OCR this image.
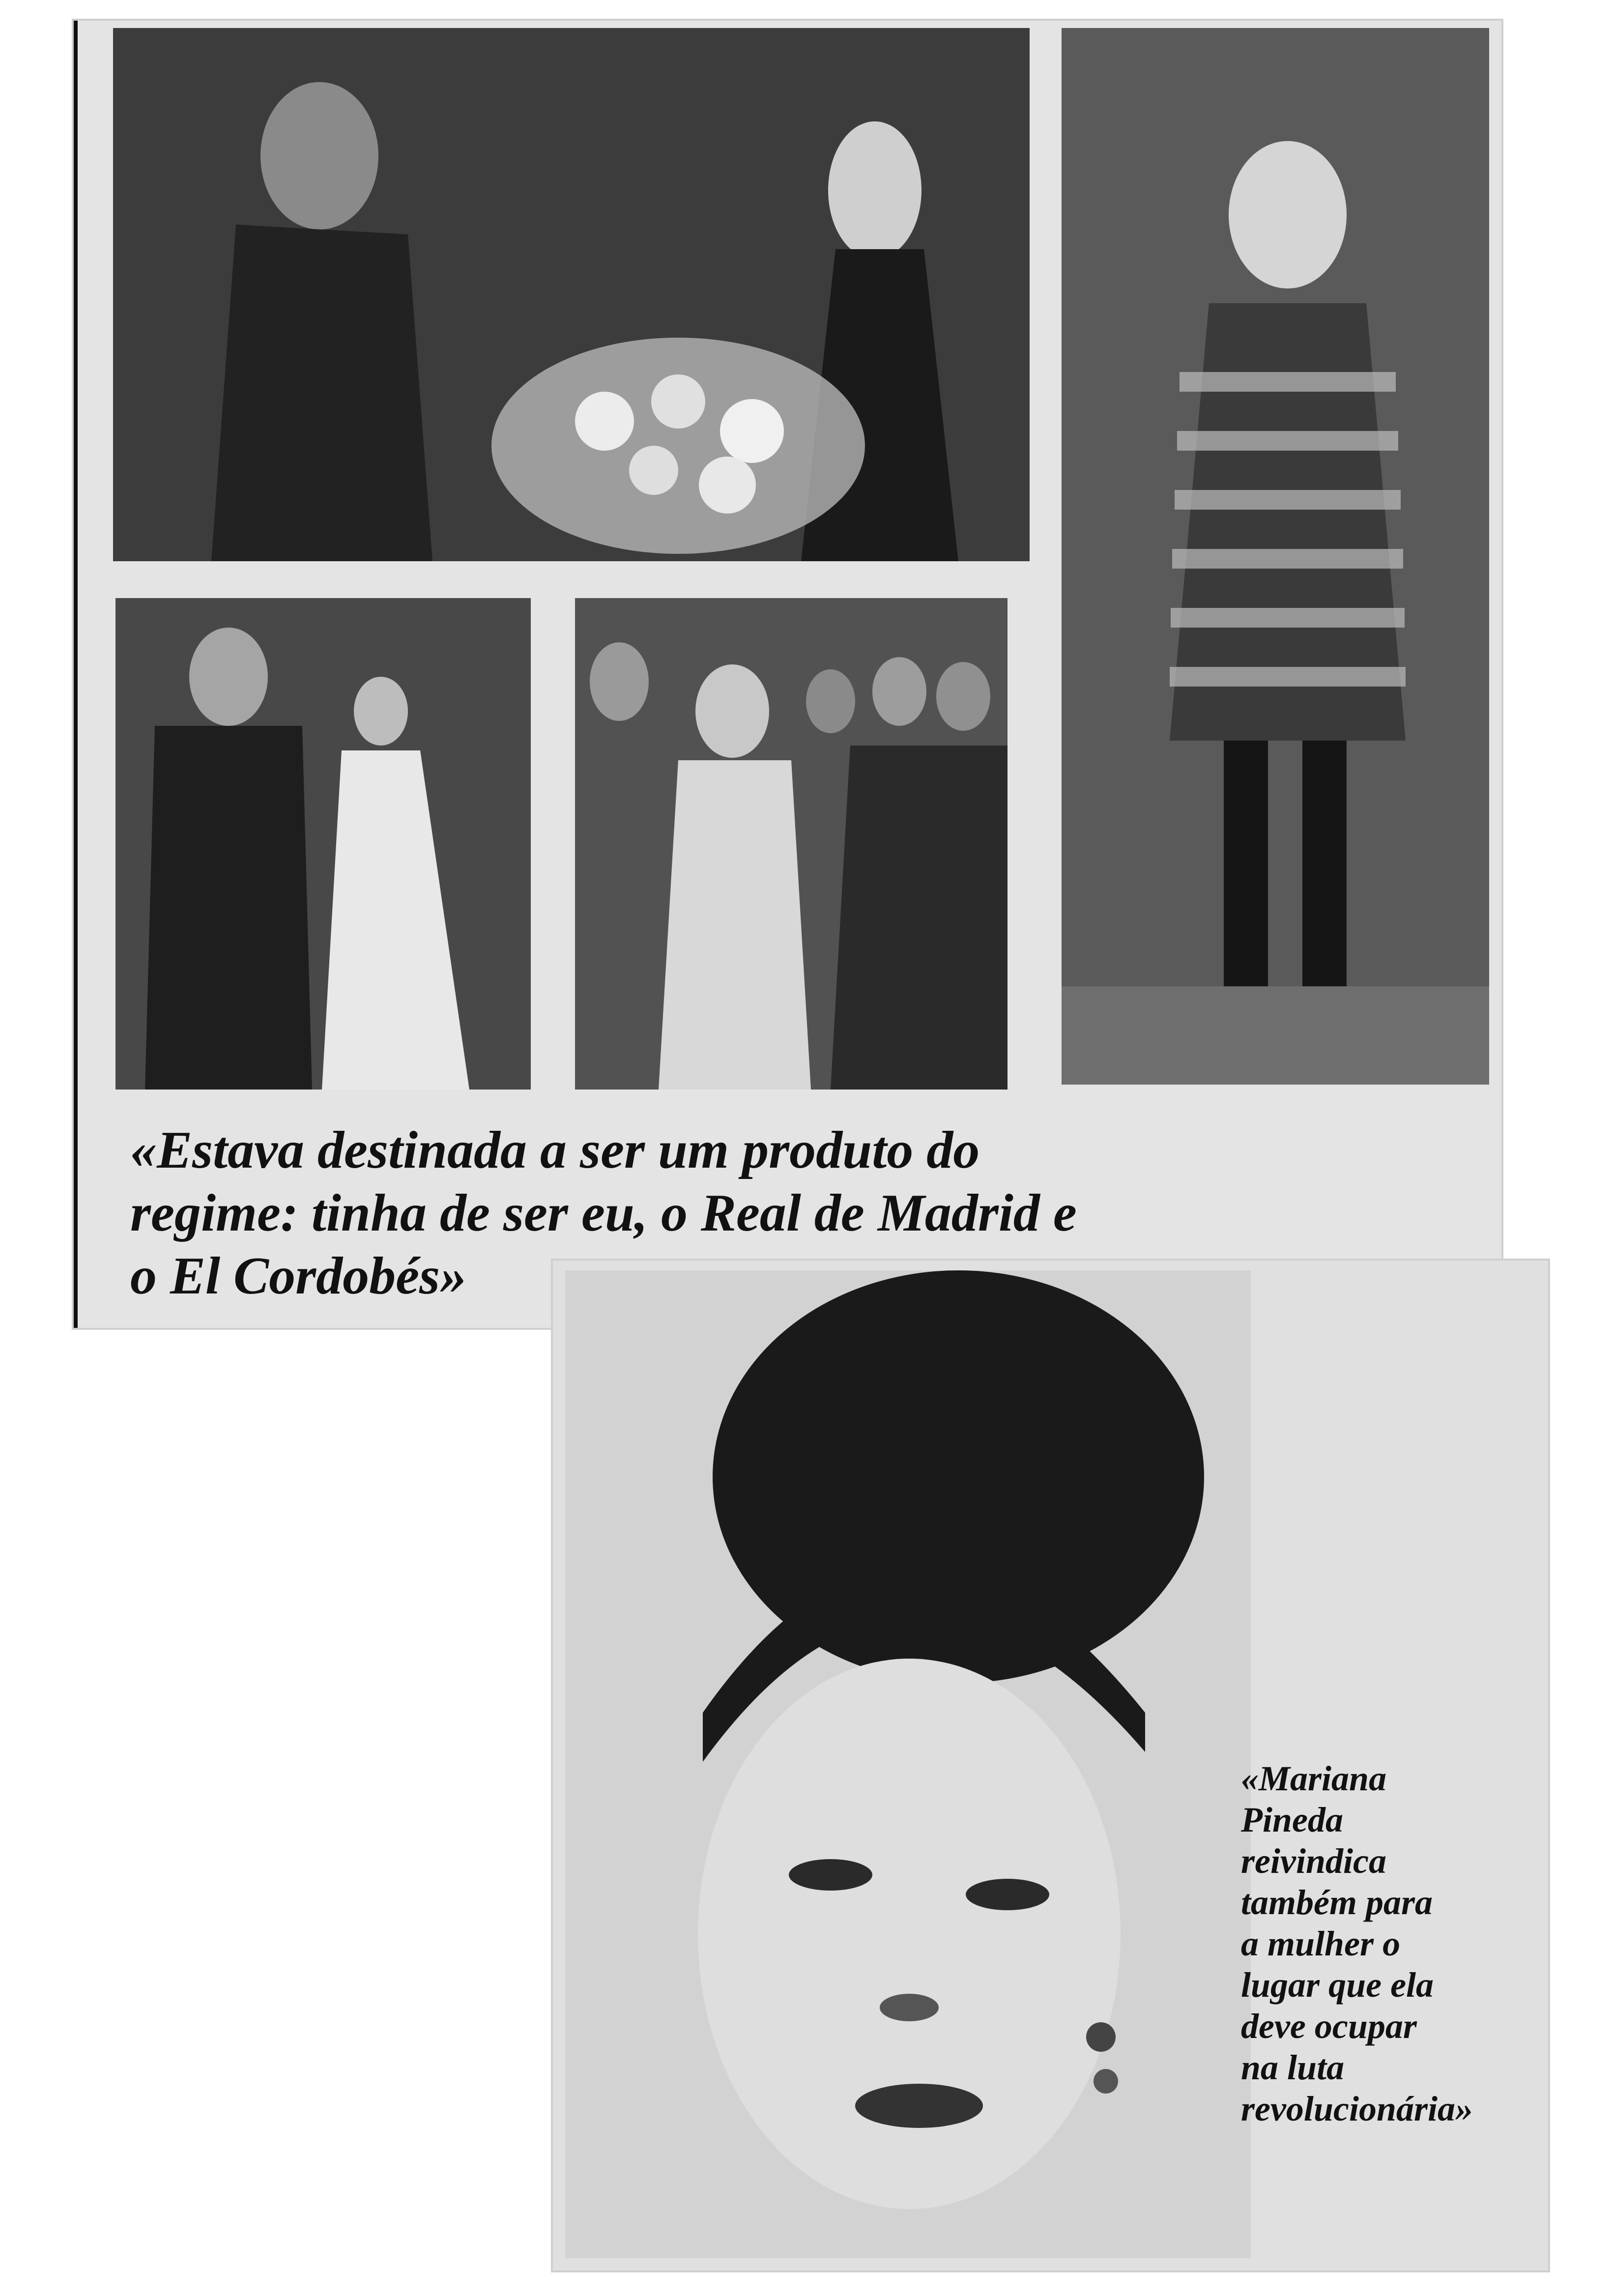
«Estava destinada a ser um produto do
regime: tinha de ser eu, o Real de Madrid e
o El Cordobés»

«Mariana
Pineda
reivindica
também para
a mulher o
lugar que ela
deve ocupar
na luta
revolucionária»
